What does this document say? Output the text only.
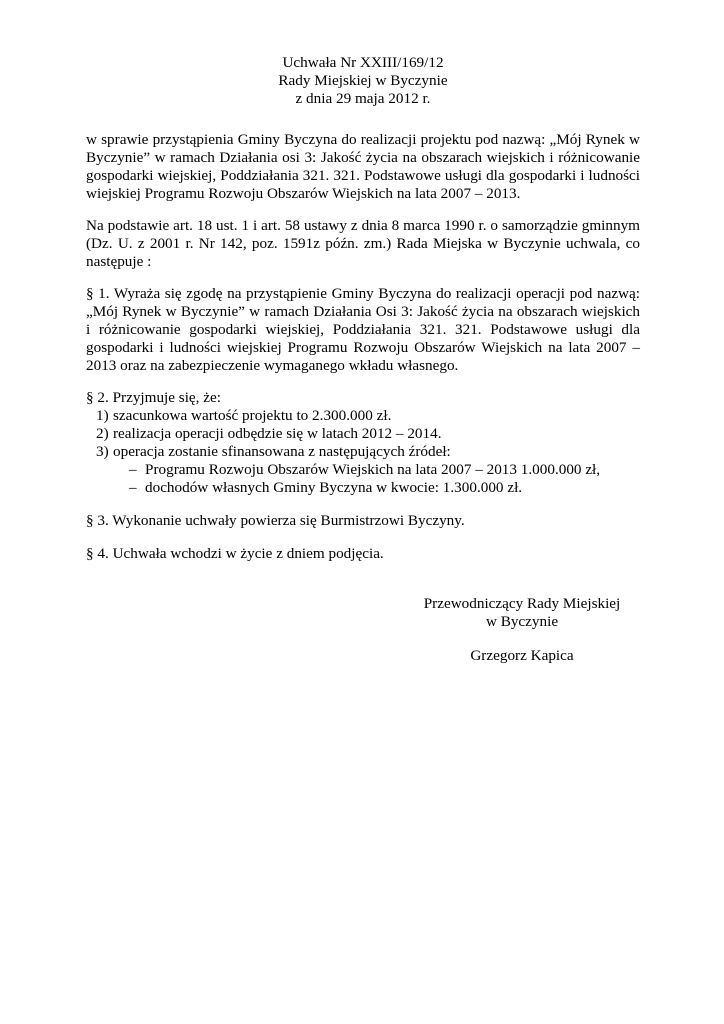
Uchwała Nr XXIII/169/12
Rady Miejskiej w Byczynie
z dnia 29 maja 2012 r.

w sprawie przystąpienia Gminy Byczyna do realizacji projektu pod nazwą: „Mój Rynek w Byczynie” w ramach Działania osi 3: Jakość życia na obszarach wiejskich i różnicowanie gospodarki wiejskiej, Poddziałania 321. 321. Podstawowe usługi dla gospodarki i ludności wiejskiej Programu Rozwoju Obszarów Wiejskich na lata 2007 – 2013.

Na podstawie art. 18 ust. 1 i art. 58 ustawy z dnia 8 marca 1990 r. o samorządzie gminnym (Dz. U. z 2001 r. Nr 142, poz. 1591z późn. zm.) Rada Miejska w Byczynie uchwala, co następuje :

§ 1. Wyraża się zgodę na przystąpienie Gminy Byczyna do realizacji operacji pod nazwą: „Mój Rynek w Byczynie” w ramach Działania Osi 3: Jakość życia na obszarach wiejskich i różnicowanie gospodarki wiejskiej, Poddziałania 321. 321. Podstawowe usługi dla gospodarki i ludności wiejskiej Programu Rozwoju Obszarów Wiejskich na lata 2007 – 2013 oraz na zabezpieczenie wymaganego wkładu własnego.

§ 2. Przyjmuje się, że:

1) szacunkowa wartość projektu to 2.300.000 zł.
2) realizacja operacji odbędzie się w latach 2012 – 2014.
3) operacja zostanie sfinansowana z następujących źródeł:
– Programu Rozwoju Obszarów Wiejskich na lata 2007 – 2013 1.000.000 zł,
– dochodów własnych Gminy Byczyna w kwocie: 1.300.000 zł.

§ 3. Wykonanie uchwały powierza się Burmistrzowi Byczyny.

§ 4. Uchwała wchodzi w życie z dniem podjęcia.

Przewodniczący Rady Miejskiej
w Byczynie
Grzegorz Kapica
